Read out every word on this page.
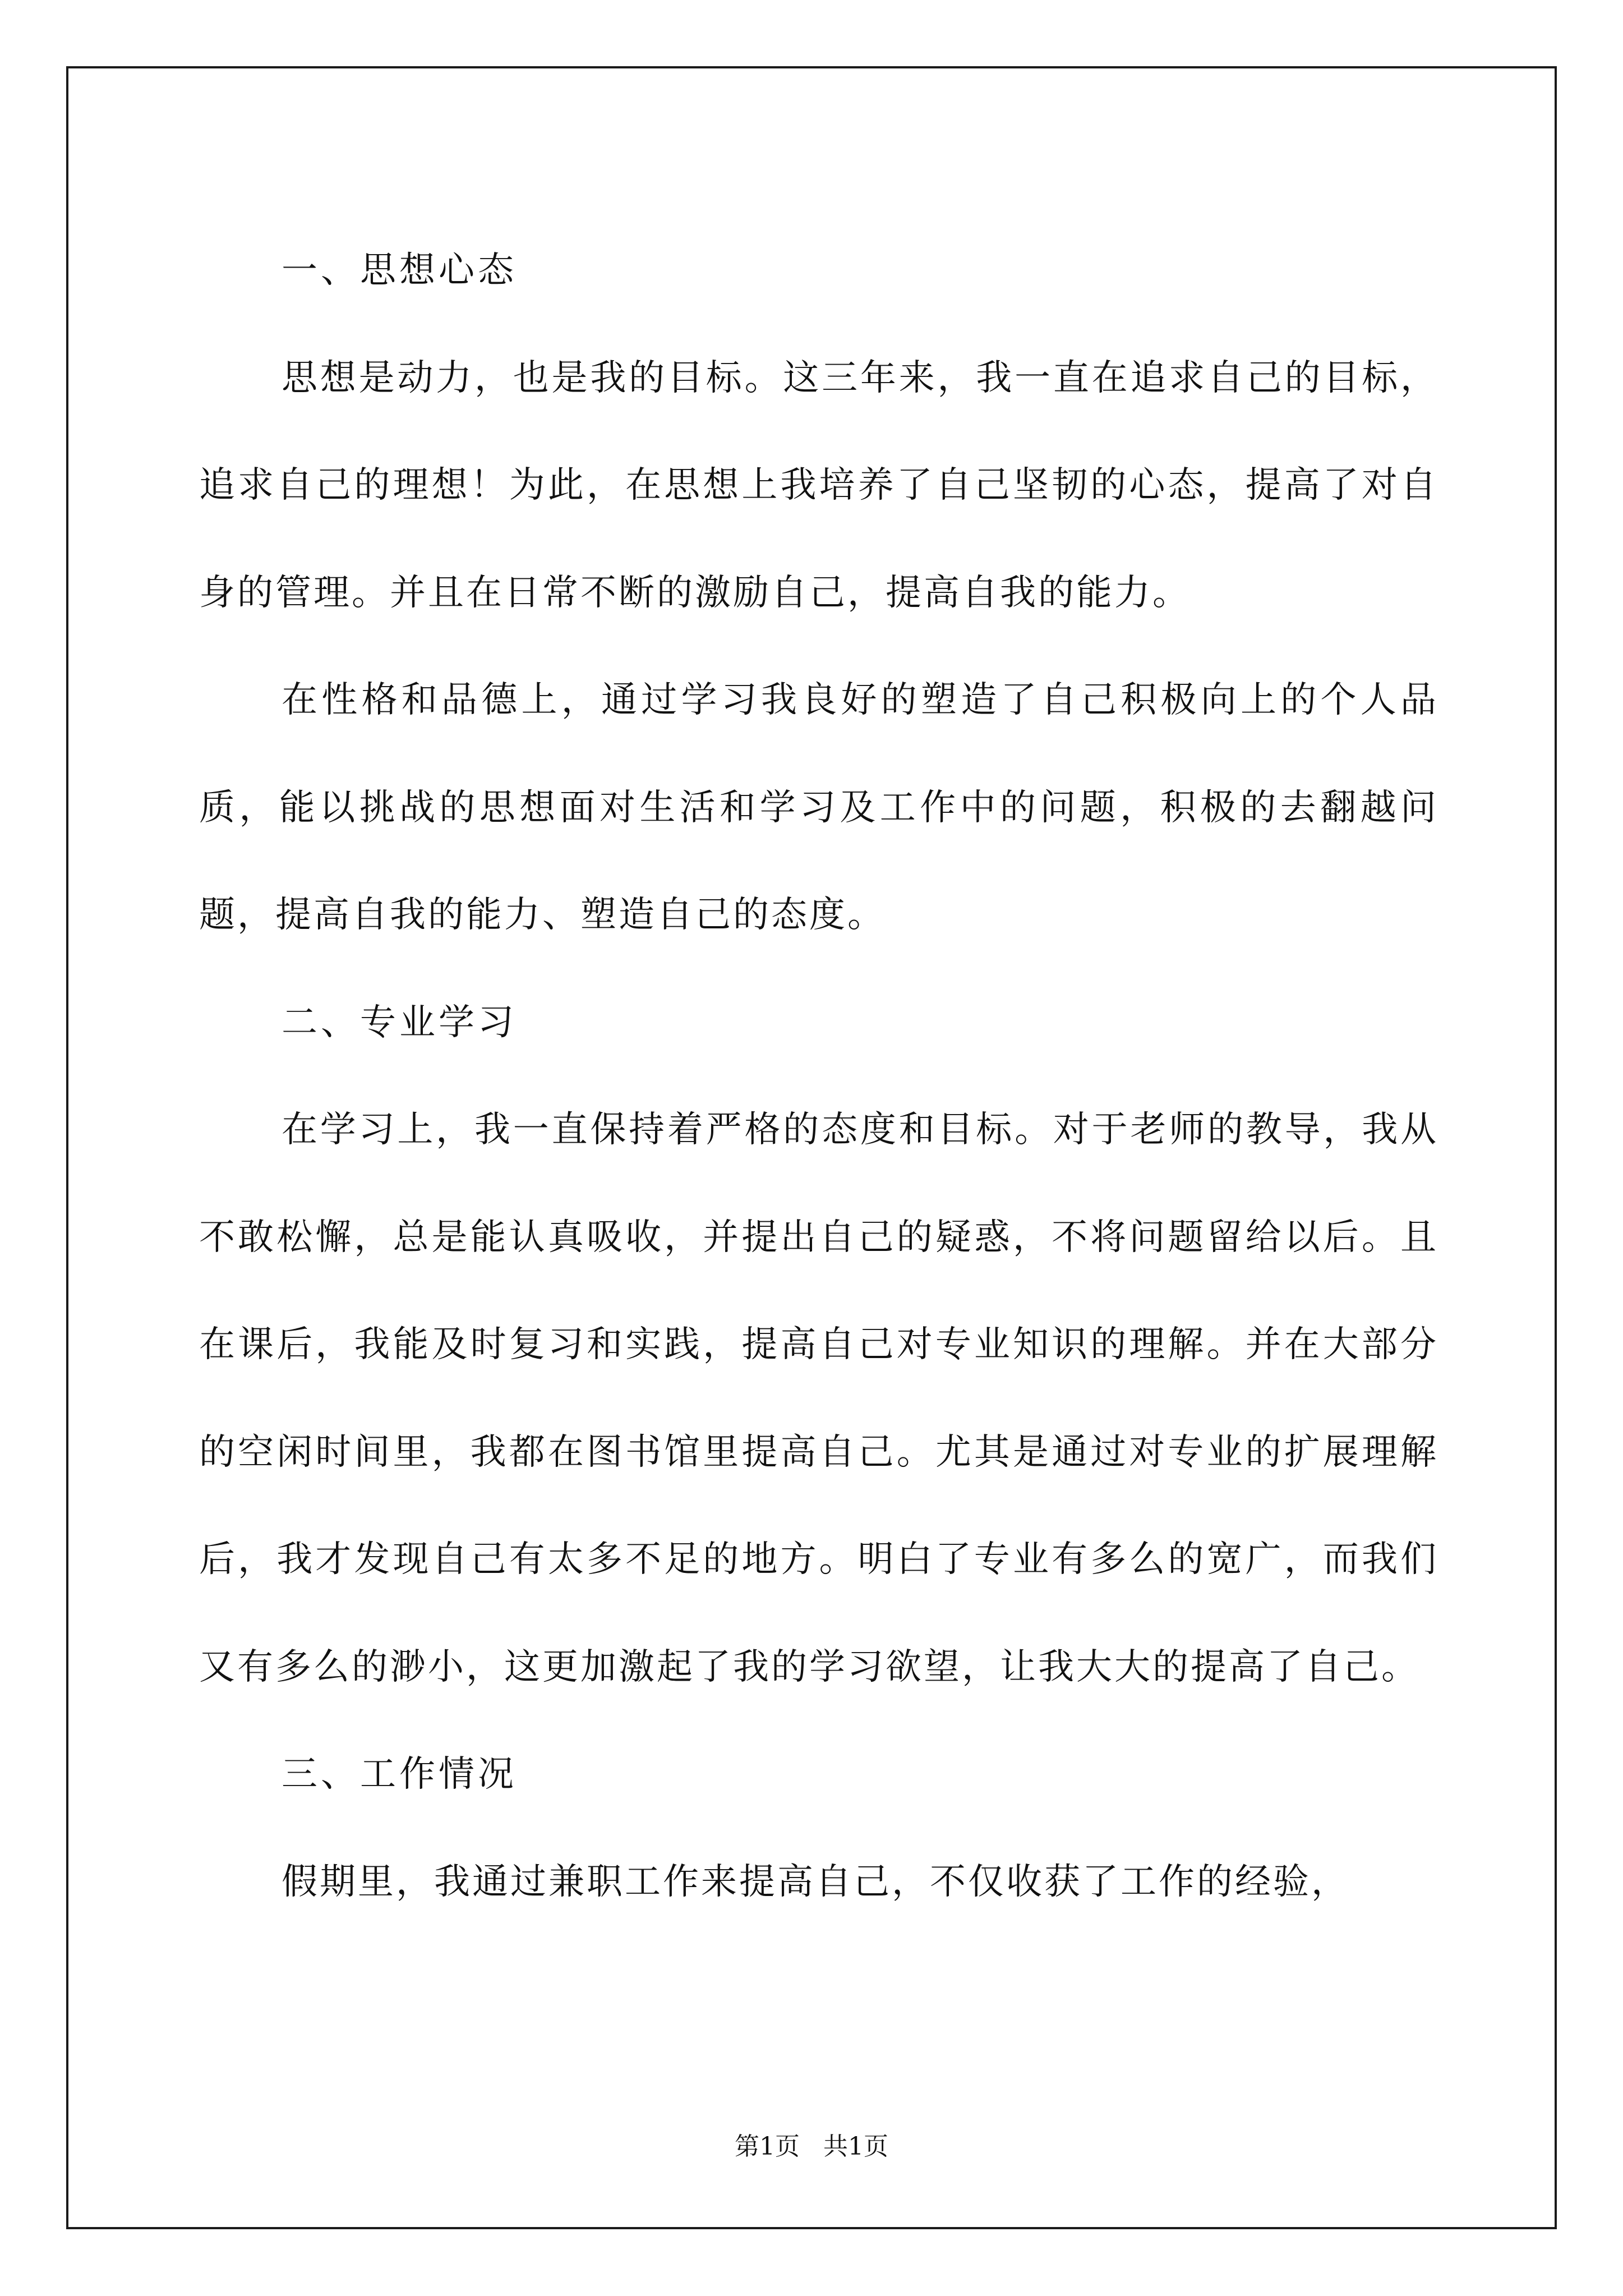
一、思想心态

思想是动力，也是我的目标。这三年来，我一直在追求自己的目标，追求自己的理想！为此，在思想上我培养了自己坚韧的心态，提高了对自身的管理。并且在日常不断的激励自己，提高自我的能力。

在性格和品德上，通过学习我良好的塑造了自己积极向上的个人品质，能以挑战的思想面对生活和学习及工作中的问题，积极的去翻越问题，提高自我的能力、塑造自己的态度。

二、专业学习

在学习上，我一直保持着严格的态度和目标。对于老师的教导，我从不敢松懈，总是能认真吸收，并提出自己的疑惑，不将问题留给以后。且在课后，我能及时复习和实践，提高自己对专业知识的理解。并在大部分的空闲时间里，我都在图书馆里提高自己。尤其是通过对专业的扩展理解后，我才发现自己有太多不足的地方。明白了专业有多么的宽广，而我们又有多么的渺小，这更加激起了我的学习欲望，让我大大的提高了自己。

三、工作情况

假期里，我通过兼职工作来提高自己，不仅收获了工作的经验，

第1页 共1页
